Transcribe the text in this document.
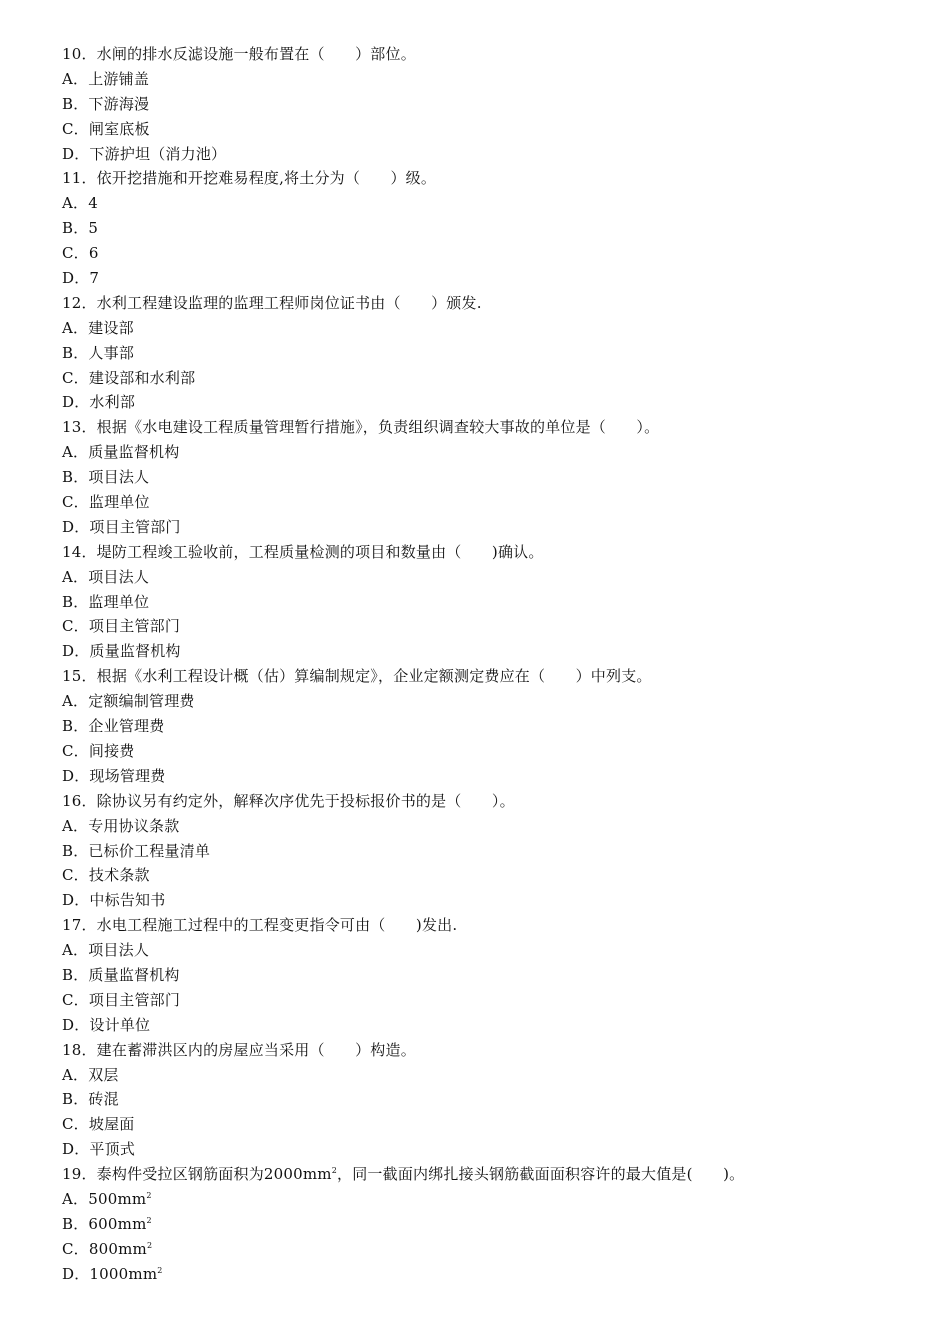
10．水闸的排水反滤设施一般布置在（　　）部位。
A．上游铺盖
B．下游海漫
C．闸室底板
D．下游护坦（消力池）
11．依开挖措施和开挖难易程度,将土分为（　　）级。
A．4
B．5
C．6
D．7
12．水利工程建设监理的监理工程师岗位证书由（　　）颁发.
A．建设部
B．人事部
C．建设部和水利部
D．水利部
13．根据《水电建设工程质量管理暂行措施》，负责组织调查较大事故的单位是（　　）。
A．质量监督机构
B．项目法人
C．监理单位
D．项目主管部门
14．堤防工程竣工验收前，工程质量检测的项目和数量由（　　)确认。
A．项目法人
B．监理单位
C．项目主管部门
D．质量监督机构
15．根据《水利工程设计概（估）算编制规定》，企业定额测定费应在（　　）中列支。
A．定额编制管理费
B．企业管理费
C．间接费
D．现场管理费
16．除协议另有约定外，解释次序优先于投标报价书的是（　　）。
A．专用协议条款
B．已标价工程量清单
C．技术条款
D．中标告知书
17．水电工程施工过程中的工程变更指令可由（　　)发出.
A．项目法人
B．质量监督机构
C．项目主管部门
D．设计单位
18．建在蓄滞洪区内的房屋应当采用（　　）构造。
A．双层
B．砖混
C．坡屋面
D．平顶式
19．泰构件受拉区钢筋面积为$2000mm^2$，同一截面内绑扎接头钢筋截面面积容许的最大值是(　　)。
A．$500mm^2$
B．$600mm^2$
C．$800mm^2$
D．$1000mm^2$
